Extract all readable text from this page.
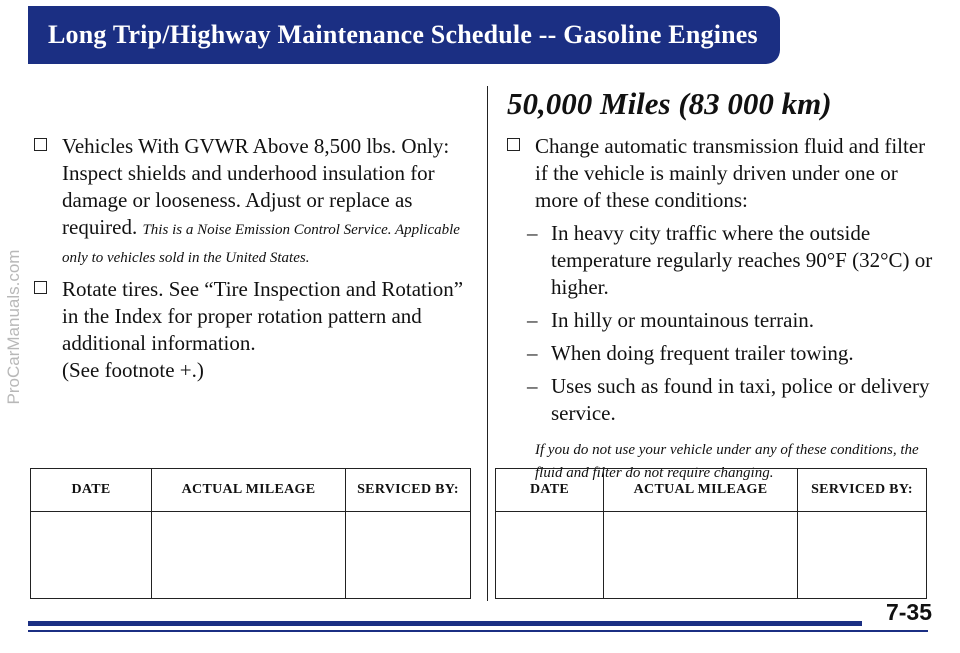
ProCarManuals.com
Long Trip/Highway Maintenance Schedule -- Gasoline Engines
Vehicles With GVWR Above 8,500 lbs. Only: Inspect shields and underhood insulation for damage or looseness. Adjust or replace as required. This is a Noise Emission Control Service. Applicable only to vehicles sold in the United States.
Rotate tires. See “Tire Inspection and Rotation” in the Index for proper rotation pattern and additional information.
(See footnote +.)
DATE	ACTUAL MILEAGE	SERVICED BY:

50,000 Miles (83 000 km)
Change automatic transmission fluid and filter if the vehicle is mainly driven under one or more of these conditions:
– In heavy city traffic where the outside temperature regularly reaches 90°F (32°C) or higher.
– In hilly or mountainous terrain.
– When doing frequent trailer towing.
– Uses such as found in taxi, police or delivery service.
If you do not use your vehicle under any of these conditions, the fluid and filter do not require changing.
DATE	ACTUAL MILEAGE	SERVICED BY:

7-35
